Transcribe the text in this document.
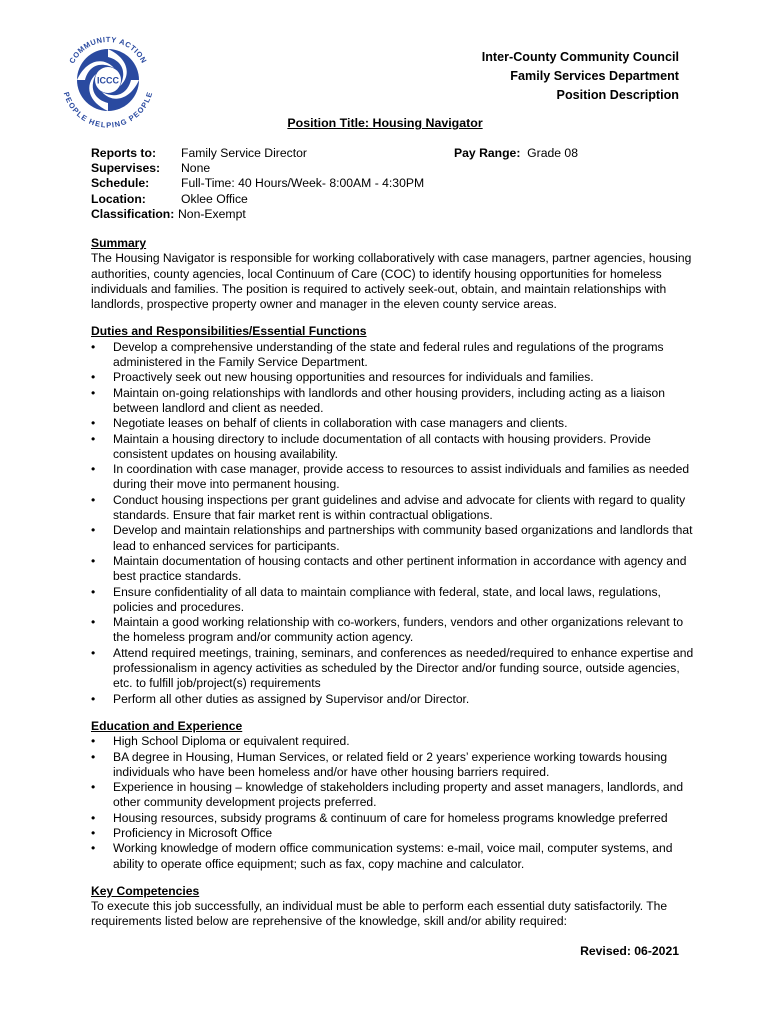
ICCC
COMMUNITY ACTION
PEOPLE HELPING PEOPLE
Inter-County Community Council
Family Services Department
Position Description
Position Title: Housing Navigator
Reports to:	Family Service Director
Supervises:	None
Schedule:	Full-Time: 40 Hours/Week- 8:00AM - 4:30PM
Location:	Oklee Office
Classification: Non-Exempt
Pay Range: Grade 08
Summary

The Housing Navigator is responsible for working collaboratively with case managers, partner agencies, housing authorities, county agencies, local Continuum of Care (COC) to identify housing opportunities for homeless individuals and families. The position is required to actively seek-out, obtain, and maintain relationships with landlords, prospective property owner and manager in the eleven county service areas.

Duties and Responsibilities/Essential Functions
• Develop a comprehensive understanding of the state and federal rules and regulations of the programs administered in the Family Service Department.
• Proactively seek out new housing opportunities and resources for individuals and families.
• Maintain on-going relationships with landlords and other housing providers, including acting as a liaison between landlord and client as needed.
• Negotiate leases on behalf of clients in collaboration with case managers and clients.
• Maintain a housing directory to include documentation of all contacts with housing providers. Provide consistent updates on housing availability.
• In coordination with case manager, provide access to resources to assist individuals and families as needed during their move into permanent housing.
• Conduct housing inspections per grant guidelines and advise and advocate for clients with regard to quality standards. Ensure that fair market rent is within contractual obligations.
• Develop and maintain relationships and partnerships with community based organizations and landlords that lead to enhanced services for participants.
• Maintain documentation of housing contacts and other pertinent information in accordance with agency and best practice standards.
• Ensure confidentiality of all data to maintain compliance with federal, state, and local laws, regulations, policies and procedures.
• Maintain a good working relationship with co-workers, funders, vendors and other organizations relevant to the homeless program and/or community action agency.
• Attend required meetings, training, seminars, and conferences as needed/required to enhance expertise and professionalism in agency activities as scheduled by the Director and/or funding source, outside agencies, etc. to fulfill job/project(s) requirements
• Perform all other duties as assigned by Supervisor and/or Director.
Education and Experience
• High School Diploma or equivalent required.
• BA degree in Housing, Human Services, or related field or 2 years’ experience working towards housing individuals who have been homeless and/or have other housing barriers required.
• Experience in housing – knowledge of stakeholders including property and asset managers, landlords, and other community development projects preferred.
• Housing resources, subsidy programs & continuum of care for homeless programs knowledge preferred
• Proficiency in Microsoft Office
• Working knowledge of modern office communication systems: e-mail, voice mail, computer systems, and ability to operate office equipment; such as fax, copy machine and calculator.
Key Competencies

To execute this job successfully, an individual must be able to perform each essential duty satisfactorily. The requirements listed below are reprehensive of the knowledge, skill and/or ability required:

Revised: 06-2021
